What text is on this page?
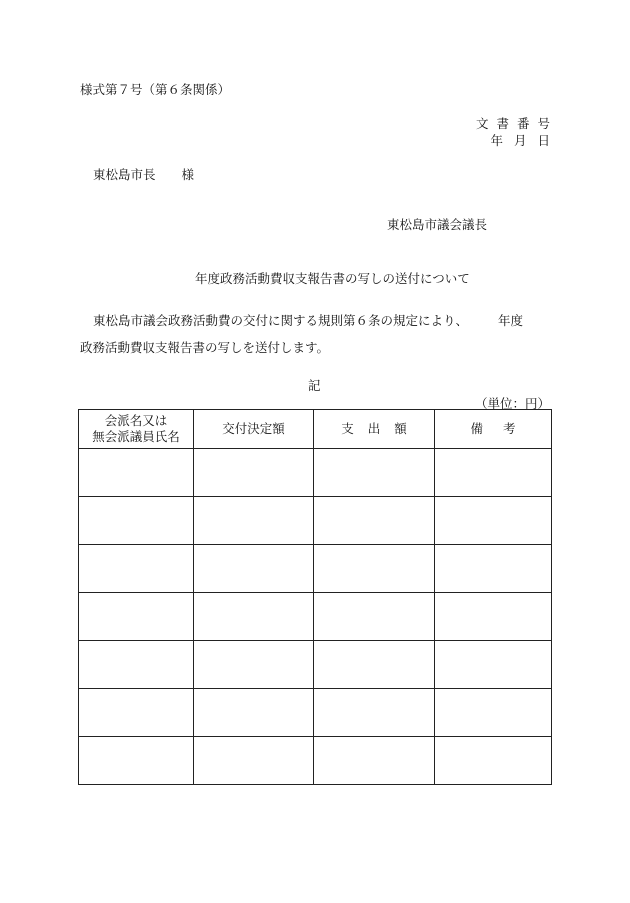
様式第７号（第６条関係）
文書番号
年月日
東松島市長 様
東松島市議会議長
年度政務活動費収支報告書の写しの送付について
東松島市議会政務活動費の交付に関する規則第６条の規定により、 年度
政務活動費収支報告書の写しを送付します。
記
（単位：円）
会派名又は
無会派議員氏名	交付決定額	支出額	備考
